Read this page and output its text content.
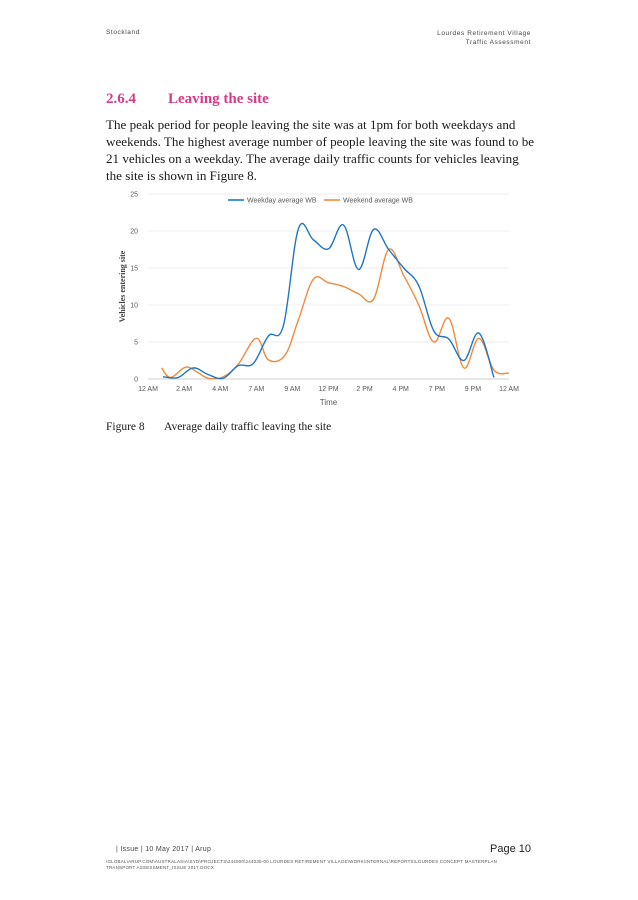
Stockland	Lourdes Retirement Village
Traffic Assessment
2.6.4 Leaving the site

The peak period for people leaving the site was at 1pm for both weekdays and weekends. The highest average number of people leaving the site was found to be 21 vehicles on a weekday. The average daily traffic counts for vehicles leaving the site is shown in Figure 8.

0
5
10
15
20
25
12 AM	2 AM	4 AM	7 AM	9 AM	12 PM	2 PM	4 PM	7 PM	9 PM	12 AM
Time
Vehicles entering site
Weekday average WB	Weekend average WB
Figure 8 Average daily traffic leaving the site
| Issue | 10 May 2017 | Arup	Page 10
\GLOBAL\ARUP.COM\AUSTRALASIA\SYD\PROJECTS\244000\244035-00 LOURDES RETIREMENT VILLAGE\WORK\INTERNAL\REPORTS\LOURDES CONCEPT MASTERPLAN TRANSPORT ASSESSMENT_ISSUE 2017.DOCX
